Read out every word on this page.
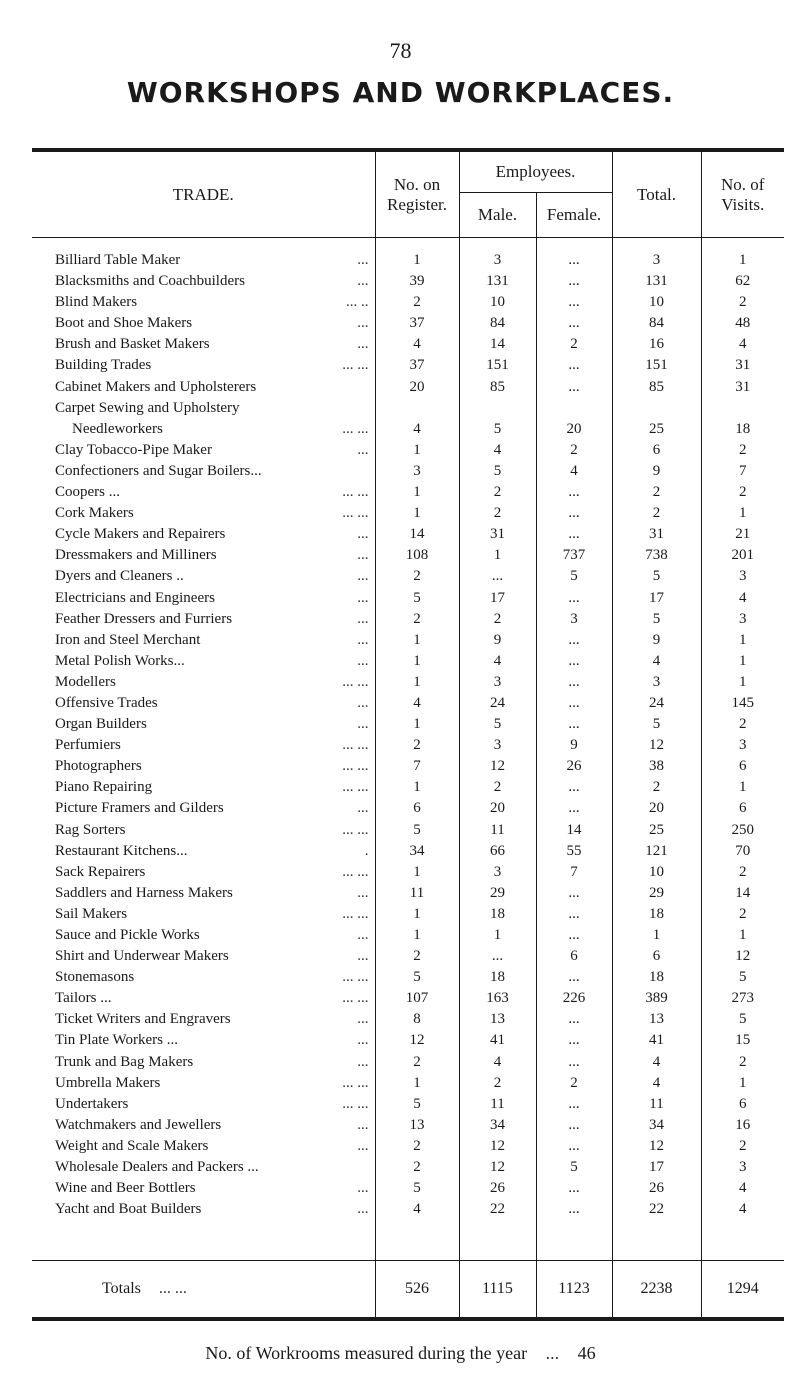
78
WORKSHOPS AND WORKPLACES.
TRADE.	No. on Register.	Employees.		Total.	No. of Visits.
		Male.	Female.		

Billiard Table Maker ...	1	3	...	3	1
Blacksmiths and Coachbuilders ...	39	131	...	131	62
Blind Makers ... ..	2	10	...	10	2
Boot and Shoe Makers ...	37	84	...	84	48
Brush and Basket Makers ...	4	14	2	16	4
Building Trades ... ...	37	151	...	151	31
Cabinet Makers and Upholsterers	20	85	...	85	31
Carpet Sewing and Upholstery

Needleworkers ... ...	4	5	20	25	18
Clay Tobacco-Pipe Maker ...	1	4	2	6	2
Confectioners and Sugar Boilers...	3	5	4	9	7
Coopers ... ... ...	1	2	...	2	2
Cork Makers ... ...	1	2	...	2	1
Cycle Makers and Repairers ...	14	31	...	31	21
Dressmakers and Milliners ...	108	1	737	738	201
Dyers and Cleaners .. ...	2	...	5	5	3
Electricians and Engineers ...	5	17	...	17	4
Feather Dressers and Furriers ...	2	2	3	5	3
Iron and Steel Merchant ...	1	9	...	9	1
Metal Polish Works... ...	1	4	...	4	1
Modellers ... ...	1	3	...	3	1
Offensive Trades ...	4	24	...	24	145
Organ Builders ...	1	5	...	5	2
Perfumiers ... ...	2	3	9	12	3
Photographers ... ...	7	12	26	38	6
Piano Repairing ... ...	1	2	...	2	1
Picture Framers and Gilders ...	6	20	...	20	6
Rag Sorters ... ...	5	11	14	25	250
Restaurant Kitchens... .	34	66	55	121	70
Sack Repairers ... ...	1	3	7	10	2
Saddlers and Harness Makers ...	11	29	...	29	14
Sail Makers ... ...	1	18	...	18	2
Sauce and Pickle Works ...	1	1	...	1	1
Shirt and Underwear Makers ...	2	...	6	6	12
Stonemasons ... ...	5	18	...	18	5
Tailors ... ... ...	107	163	226	389	273
Ticket Writers and Engravers ...	8	13	...	13	5
Tin Plate Workers ... ...	12	41	...	41	15
Trunk and Bag Makers ...	2	4	...	4	2
Umbrella Makers ... ...	1	2	2	4	1
Undertakers ... ...	5	11	...	11	6
Watchmakers and Jewellers ...	13	34	...	34	16
Weight and Scale Makers ...	2	12	...	12	2
Wholesale Dealers and Packers ...	2	12	5	17	3
Wine and Beer Bottlers ...	5	26	...	26	4
Yacht and Boat Builders ...	4	22	...	22	4

Totals ... ...	526	1115	1123	2238	1294
No. of Workrooms measured during the year ... 46
